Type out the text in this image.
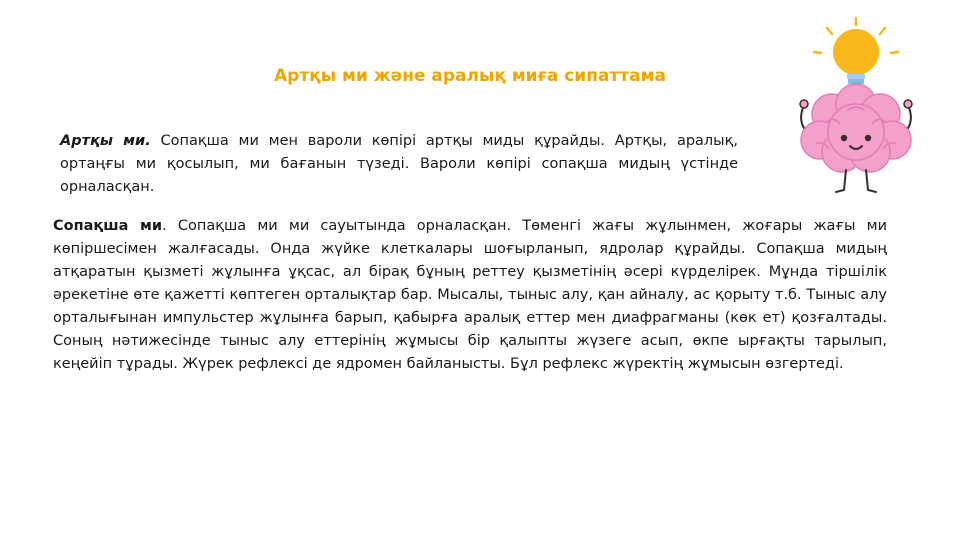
Артқы ми және аралық миға сипаттама

Артқы ми. Сопақша ми мен вароли көпірі артқы миды құрайды. Артқы, аралық, ортаңғы ми қосылып, ми бағанын түзеді. Вароли көпірі сопақша мидың үстінде орналасқан.

Сопақша ми. Сопақша ми ми сауытында орналасқан. Төменгі жағы жұлынмен, жоғары жағы ми көпіршесімен жалғасады. Онда жүйке клеткалары шоғырланып, ядролар құрайды. Сопақша мидың атқаратын қызметі жұлынға ұқсас, ал бірақ бұның реттеу қызметінің әсері күрделірек. Мұнда тіршілік әрекетіне өте қажетті көптеген орталықтар бар. Мысалы, тыныс алу, қан айналу, ас қорыту т.б. Тыныс алу орталығынан импульстер жұлынға барып, қабырға аралық еттер мен диафрагманы (көк ет) қозғалтады. Соның нәтижесінде тыныс алу еттерінің жұмысы бір қалыпты жүзеге асып, өкпе ырғақты тарылып, кеңейіп тұрады. Жүрек рефлексі де ядромен байланысты. Бұл рефлекс жүректің жұмысын өзгертеді.
